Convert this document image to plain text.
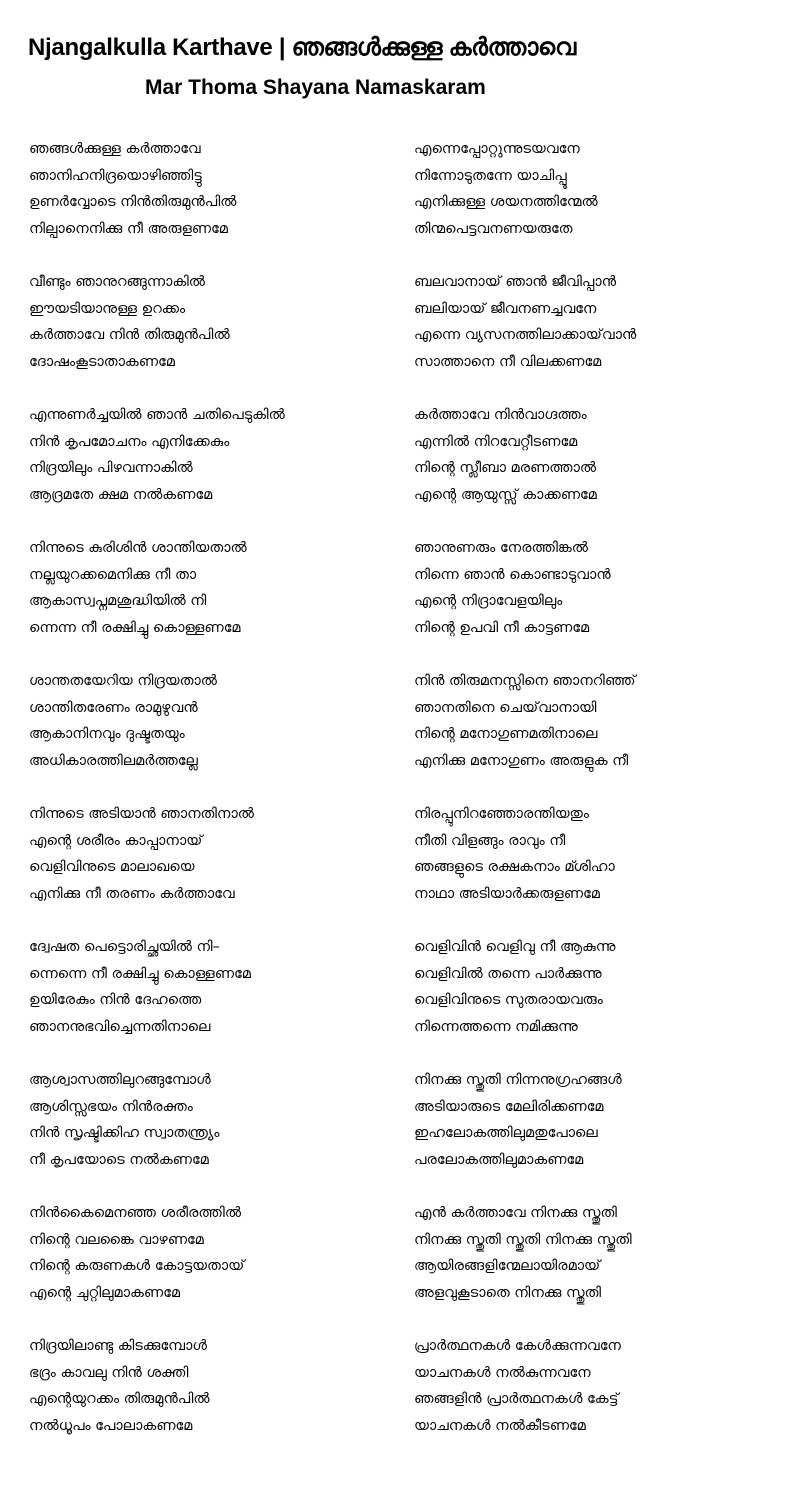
Njangalkulla Karthave | ഞങ്ങൾക്കുള്ള കർത്താവെ
Mar Thoma Shayana Namaskaram
ഞങ്ങൾക്കുള്ള കർത്താവേ
ഞാനിഹനിദ്രയൊഴിഞ്ഞിട്ടു
ഉണർവ്വോടെ നിൻതിരുമുൻപിൽ
നില്പാനെനിക്കു നീ അരുളണമേ
വീണ്ടും ഞാനുറങ്ങുന്നാകിൽ
ഈയടിയാനുള്ള ഉറക്കം
കർത്താവേ നിൻ തിരുമുൻപിൽ
ദോഷംകൂടാതാകണമേ
എന്നുണർച്ചയിൽ ഞാൻ ചതിപെടുകിൽ
നിൻ കൃപമോചനം എനിക്കേകും
നിദ്രയിലും പിഴവന്നാകിൽ
ആദ്രമതേ ക്ഷമ നൽകണമേ
നിന്നുടെ കുരിശിൻ ശാന്തിയതാൽ
നല്ലയുറക്കമെനിക്കു നീ താ
ആകാസ്വപ്നമശുദ്ധിയിൽ നി
ന്നെന്ന നീ രക്ഷിച്ചു കൊള്ളണമേ
ശാന്തതയേറിയ നിദ്രയതാൽ
ശാന്തിതരേണം രാമുഴുവൻ
ആകാനിനവും ദുഷ്ടതയും
അധികാരത്തിലമർത്തല്ലേ
നിന്നുടെ അടിയാൻ ഞാനതിനാൽ
എന്റെ ശരീരം കാപ്പാനായ്
വെളിവിനുടെ മാലാഖയെ
എനിക്കു നീ തരണം കർത്താവേ
ദ്വേഷത പെട്ടൊരിച്ഛയിൽ നി–
ന്നെന്നെ നീ രക്ഷിച്ചു കൊള്ളണമേ
ഉയിരേകും നിൻ ദേഹത്തെ
ഞാനനുഭവിച്ചെന്നതിനാലെ
ആശ്വാസത്തിലുറങ്ങുമ്പോൾ
ആശിസ്സഭയം നിൻരക്തം
നിൻ സൃഷ്ടിക്കിഹ സ്വാതന്ത്ര്യം
നീ കൃപയോടെ നൽകണമേ
നിൻകൈമെനഞ്ഞ ശരീരത്തിൽ
നിന്റെ വലങ്കൈ വാഴണമേ
നിന്റെ കരുണകൾ കോട്ടയതായ്
എന്റെ ചുറ്റിലുമാകണമേ
നിദ്രയിലാണ്ടു കിടക്കുമ്പോൾ
ഭദ്രം കാവലു നിൻ ശക്തി
എന്റെയുറക്കം തിരുമുൻപിൽ
നൽധൂപം പോലാകണമേ
എന്നെപ്പോറ്റുന്നുടയവനേ
നിന്നോടുതന്നേ യാചിപ്പൂ
എനിക്കുള്ള ശയനത്തിന്മേൽ
തിന്മപെട്ടവനണയരുതേ
ബലവാനായ് ഞാൻ ജീവിപ്പാൻ
ബലിയായ് ജീവനണച്ചവനേ
എന്നെ വ്യസനത്തിലാക്കായ്‌വാൻ
സാത്താനെ നീ വിലക്കണമേ
കർത്താവേ നിൻവാഗ്ദത്തം
എന്നിൽ നിറവേറ്റീടണമേ
നിന്റെ സ്ലീബാ മരണത്താൽ
എന്റെ ആയുസ്സ് കാക്കണമേ
ഞാനുണരും നേരത്തിങ്കൽ
നിന്നെ ഞാൻ കൊണ്ടാടുവാൻ
എന്റെ നിദ്രാവേളയിലും
നിന്റെ ഉപവി നീ കാട്ടണമേ
നിൻ തിരുമനസ്സിനെ ഞാനറിഞ്ഞ്
ഞാനതിനെ ചെയ്‌വാനായി
നിന്റെ മനോഗുണമതിനാലെ
എനിക്കു മനോഗുണം അരുളുക നീ
നിരപ്പുനിറഞ്ഞോരന്തിയതും
നീതി വിളങ്ങും രാവും നീ
ഞങ്ങളുടെ രക്ഷകനാം മ്ശിഹാ
നാഥാ അടിയാർക്കരുളണമേ
വെളിവിൻ വെളിവു നീ ആകുന്നു
വെളിവിൽ തന്നെ പാർക്കുന്നു
വെളിവിനുടെ സുതരായവരും
നിന്നെത്തന്നെ നമിക്കുന്നു
നിനക്കു സ്തുതി നിന്നനുഗ്രഹങ്ങൾ
അടിയാരുടെ മേലിരിക്കണമേ
ഇഹലോകത്തിലുമതുപോലെ
പരലോകത്തിലുമാകണമേ
എൻ കർത്താവേ നിനക്കു സ്തുതി
നിനക്കു സ്തുതി സ്തുതി നിനക്കു സ്തുതി
ആയിരങ്ങളിന്മേലായിരമായ്
അളവുകൂടാതെ നിനക്കു സ്തുതി
പ്രാർത്ഥനകൾ കേൾക്കുന്നവനേ
യാചനകൾ നൽകുന്നവനേ
ഞങ്ങളിൻ പ്രാർത്ഥനകൾ കേട്ട്
യാചനകൾ നൽകീടണമേ
